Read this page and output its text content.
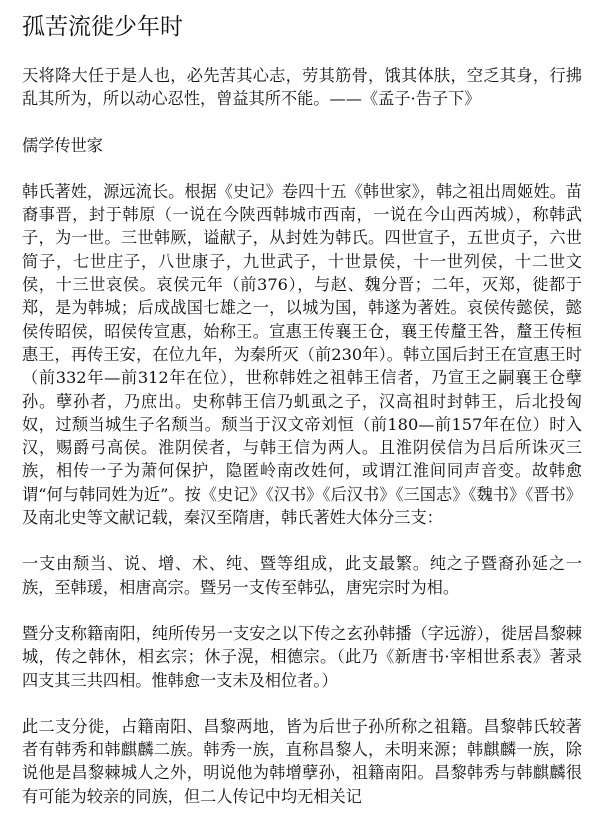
孤苦流徙少年时

天将降大任于是人也，必先苦其心志，劳其筋骨，饿其体肤，空乏其身，行拂乱其所为，所以动心忍性，曾益其所不能。——《孟子·告子下》

儒学传世家

韩氏著姓，源远流长。根据《史记》卷四十五《韩世家》，韩之祖出周姬姓。苗裔事晋，封于韩原（一说在今陕西韩城市西南，一说在今山西芮城），称韩武子，为一世。三世韩厥，谥献子，从封姓为韩氏。四世宣子，五世贞子，六世简子，七世庄子，八世康子，九世武子，十世景侯，十一世列侯，十二世文侯，十三世哀侯。哀侯元年（前376），与赵、魏分晋；二年，灭郑，徙都于郑，是为韩城；后成战国七雄之一，以城为国，韩遂为著姓。哀侯传懿侯，懿侯传昭侯，昭侯传宣惠，始称王。宣惠王传襄王仓，襄王传釐王咎，釐王传桓惠王，再传王安，在位九年，为秦所灭（前230年）。韩立国后封王在宣惠王时（前332年—前312年在位），世称韩姓之祖韩王信者，乃宣王之嗣襄王仓孽孙。孽孙者，乃庶出。史称韩王信乃虮虱之子，汉高祖时封韩王，后北投匈奴，过颓当城生子名颓当。颓当于汉文帝刘恒（前180—前157年在位）时入汉，赐爵弓高侯。淮阴侯者，与韩王信为两人。且淮阴侯信为吕后所诛灭三族，相传一子为萧何保护，隐匿岭南改姓何，或谓江淮间同声音变。故韩愈谓“何与韩同姓为近”。按《史记》《汉书》《后汉书》《三国志》《魏书》《晋书》及南北史等文献记载，秦汉至隋唐，韩氏著姓大体分三支：

一支由颓当、说、增、术、纯、暨等组成，此支最繁。纯之子暨裔孙延之一族，至韩瑗，相唐高宗。暨另一支传至韩弘，唐宪宗时为相。

暨分支称籍南阳，纯所传另一支安之以下传之玄孙韩播（字远游），徙居昌黎棘城，传之韩休，相玄宗；休子滉，相德宗。（此乃《新唐书·宰相世系表》著录四支其三共四相。惟韩愈一支未及相位者。）

此二支分徙，占籍南阳、昌黎两地，皆为后世子孙所称之祖籍。昌黎韩氏较著者有韩秀和韩麒麟二族。韩秀一族，直称昌黎人，未明来源；韩麒麟一族，除说他是昌黎棘城人之外，明说他为韩增孽孙，祖籍南阳。昌黎韩秀与韩麒麟很有可能为较亲的同族，但二人传记中均无相关记
